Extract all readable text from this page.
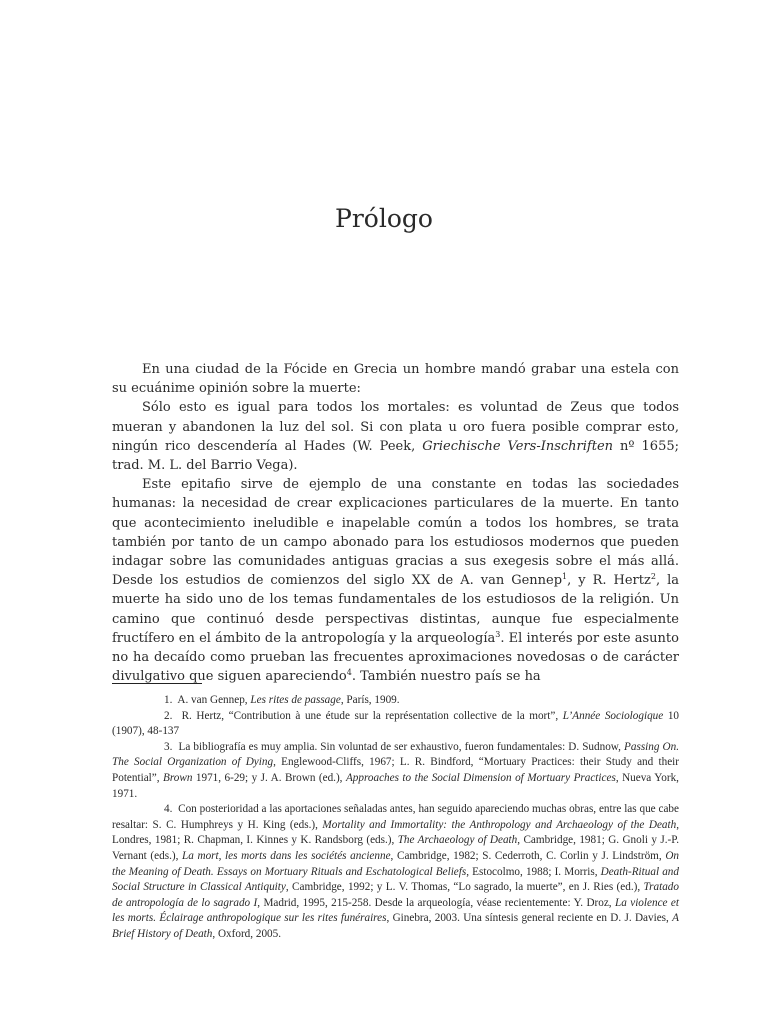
Prólogo

En una ciudad de la Fócide en Grecia un hombre mandó grabar una estela con su ecuánime opinión sobre la muerte:

Sólo esto es igual para todos los mortales: es voluntad de Zeus que todos mueran y abandonen la luz del sol. Si con plata u oro fuera posible comprar esto, ningún rico descendería al Hades (W. Peek, Griechische Vers-Inschriften nº 1655; trad. M. L. del Barrio Vega).

Este epitafio sirve de ejemplo de una constante en todas las sociedades humanas: la necesidad de crear explicaciones particulares de la muerte. En tanto que acontecimiento ineludible e inapelable común a todos los hombres, se trata también por tanto de un campo abonado para los estudiosos modernos que pueden indagar sobre las comunidades antiguas gracias a sus exegesis sobre el más allá. Desde los estudios de comienzos del siglo XX de A. van Gennep$^1$, y R. Hertz$^2$, la muerte ha sido uno de los temas fundamentales de los estudiosos de la religión. Un camino que continuó desde perspectivas distintas, aunque fue especialmente fructífero en el ámbito de la antropología y la arqueología$^3$. El interés por este asunto no ha decaído como prueban las frecuentes aproximaciones novedosas o de carácter divulgativo que siguen apareciendo$^4$. También nuestro país se ha

1. A. van Gennep, Les rites de passage, París, 1909.

2. R. Hertz, “Contribution à une étude sur la représentation collective de la mort”, L’Année Sociologique 10 (1907), 48-137

3. La bibliografía es muy amplia. Sin voluntad de ser exhaustivo, fueron fundamentales: D. Sudnow, Passing On. The Social Organization of Dying, Englewood-Cliffs, 1967; L. R. Bindford, “Mortuary Practices: their Study and their Potential”, Brown 1971, 6-29; y J. A. Brown (ed.), Approaches to the Social Dimension of Mortuary Practices, Nueva York, 1971.

4. Con posterioridad a las aportaciones señaladas antes, han seguido apareciendo muchas obras, entre las que cabe resaltar: S. C. Humphreys y H. King (eds.), Mortality and Immortality: the Anthropology and Archaeology of the Death, Londres, 1981; R. Chapman, I. Kinnes y K. Randsborg (eds.), The Archaeology of Death, Cambridge, 1981; G. Gnoli y J.-P. Vernant (eds.), La mort, les morts dans les sociétés ancienne, Cambridge, 1982; S. Cederroth, C. Corlin y J. Lindström, On the Meaning of Death. Essays on Mortuary Rituals and Eschatological Beliefs, Estocolmo, 1988; I. Morris, Death-Ritual and Social Structure in Classical Antiquity, Cambridge, 1992; y L. V. Thomas, “Lo sagrado, la muerte”, en J. Ries (ed.), Tratado de antropología de lo sagrado I, Madrid, 1995, 215-258. Desde la arqueología, véase recientemente: Y. Droz, La violence et les morts. Éclairage anthropologique sur les rites funéraires, Ginebra, 2003. Una síntesis general reciente en D. J. Davies, A Brief History of Death, Oxford, 2005.
